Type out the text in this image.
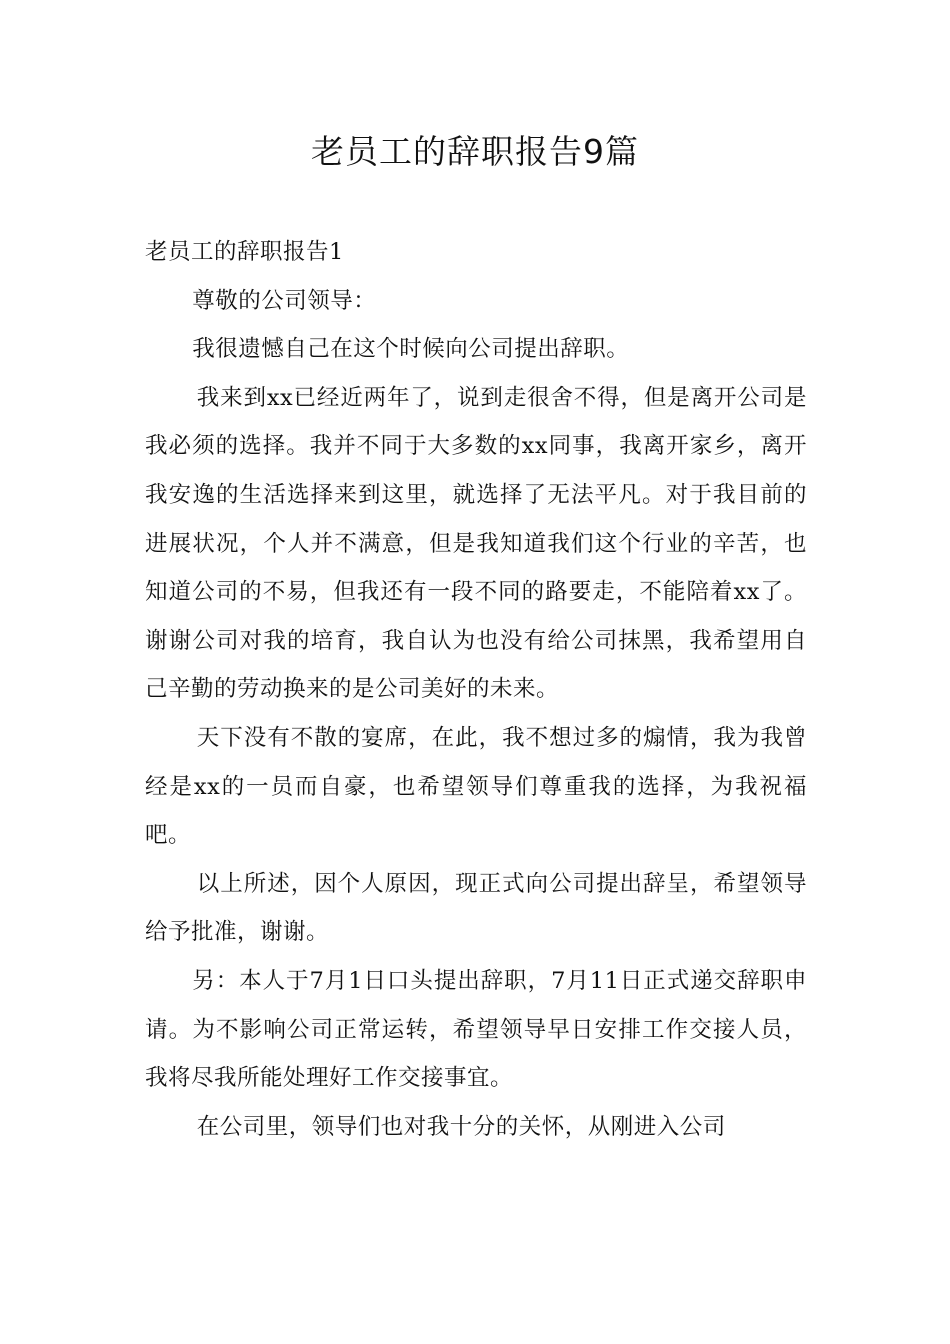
老员工的辞职报告9篇

老员工的辞职报告1

尊敬的公司领导：

我很遗憾自己在这个时候向公司提出辞职。

我来到xx已经近两年了，说到走很舍不得，但是离开公司是我必须的选择。我并不同于大多数的xx同事，我离开家乡，离开我安逸的生活选择来到这里，就选择了无法平凡。对于我目前的进展状况，个人并不满意，但是我知道我们这个行业的辛苦，也知道公司的不易，但我还有一段不同的路要走，不能陪着xx了。谢谢公司对我的培育，我自认为也没有给公司抹黑，我希望用自己辛勤的劳动换来的是公司美好的未来。

天下没有不散的宴席，在此，我不想过多的煽情，我为我曾经是xx的一员而自豪，也希望领导们尊重我的选择，为我祝福吧。

以上所述，因个人原因，现正式向公司提出辞呈，希望领导给予批准，谢谢。

另：本人于7月1日口头提出辞职，7月11日正式递交辞职申请。为不影响公司正常运转，希望领导早日安排工作交接人员，我将尽我所能处理好工作交接事宜。

在公司里，领导们也对我十分的关怀，从刚进入公司
